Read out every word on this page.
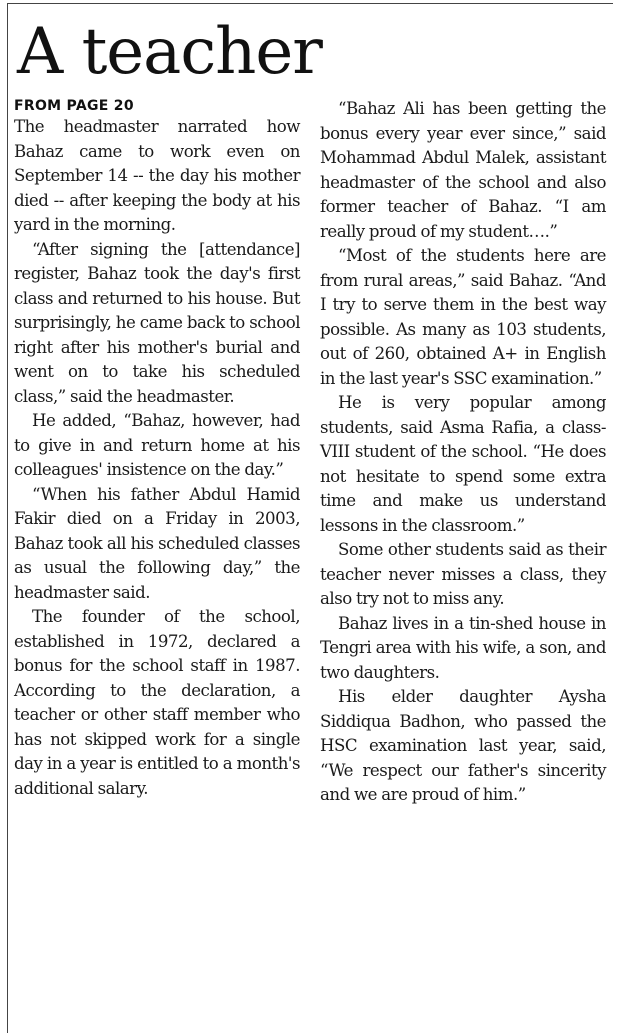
A teacher

FROM PAGE 20

The headmaster narrated how Bahaz came to work even on September 14 -- the day his mother died -- after keeping the body at his yard in the morning.

“After signing the [attendance] register, Bahaz took the day's first class and returned to his house. But surprisingly, he came back to school right after his mother's burial and went on to take his scheduled class,” said the headmaster.

He added, “Bahaz, however, had to give in and return home at his colleagues' insistence on the day.”

“When his father Abdul Hamid Fakir died on a Friday in 2003, Bahaz took all his scheduled classes as usual the following day,” the headmaster said.

The founder of the school, established in 1972, declared a bonus for the school staff in 1987. According to the declaration, a teacher or other staff member who has not skipped work for a single day in a year is entitled to a month's additional salary.

“Bahaz Ali has been getting the bonus every year ever since,” said Mohammad Abdul Malek, assistant headmaster of the school and also former teacher of Bahaz. “I am really proud of my student….”

“Most of the students here are from rural areas,” said Bahaz. “And I try to serve them in the best way possible. As many as 103 students, out of 260, obtained A+ in English in the last year's SSC examination.”

He is very popular among students, said Asma Rafia, a class-VIII student of the school. “He does not hesitate to spend some extra time and make us understand lessons in the classroom.”

Some other students said as their teacher never misses a class, they also try not to miss any.

Bahaz lives in a tin-shed house in Tengri area with his wife, a son, and two daughters.

His elder daughter Aysha Siddiqua Badhon, who passed the HSC examination last year, said, “We respect our father's sincerity and we are proud of him.”
